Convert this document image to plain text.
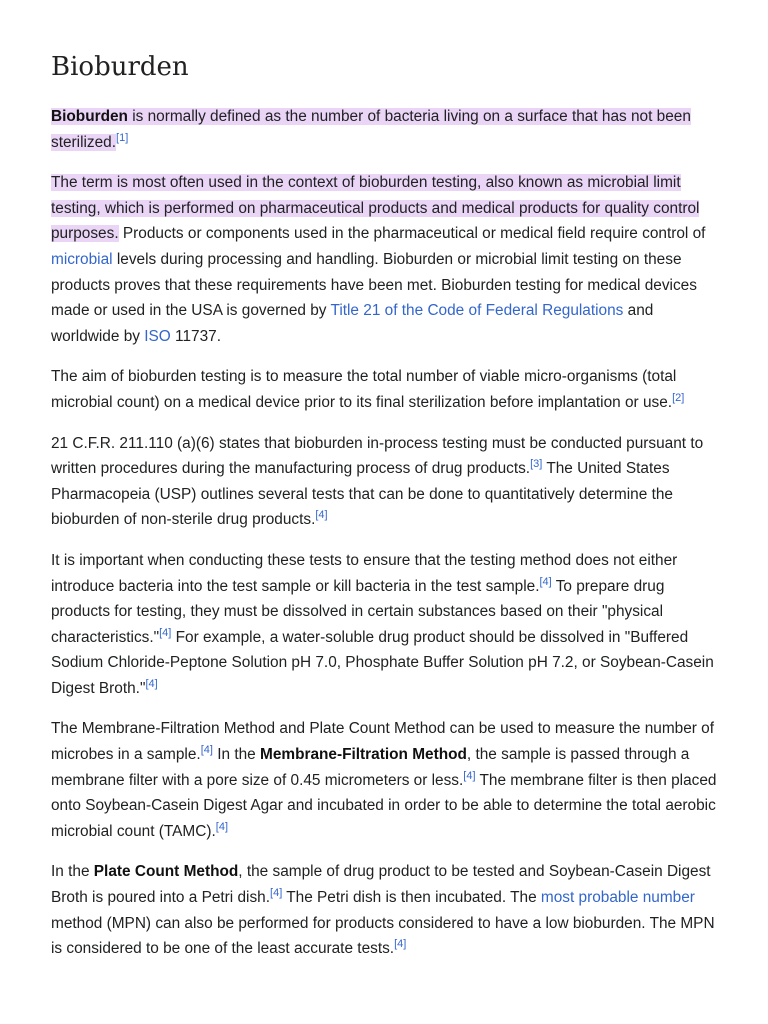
Bioburden

Bioburden is normally defined as the number of bacteria living on a surface that has not been sterilized.[1]

The term is most often used in the context of bioburden testing, also known as microbial limit testing, which is performed on pharmaceutical products and medical products for quality control purposes. Products or components used in the pharmaceutical or medical field require control of microbial levels during processing and handling. Bioburden or microbial limit testing on these products proves that these requirements have been met. Bioburden testing for medical devices made or used in the USA is governed by Title 21 of the Code of Federal Regulations and worldwide by ISO 11737.

The aim of bioburden testing is to measure the total number of viable micro-organisms (total microbial count) on a medical device prior to its final sterilization before implantation or use.[2]

21 C.F.R. 211.110 (a)(6) states that bioburden in-process testing must be conducted pursuant to written procedures during the manufacturing process of drug products.[3] The United States Pharmacopeia (USP) outlines several tests that can be done to quantitatively determine the bioburden of non-sterile drug products.[4]

It is important when conducting these tests to ensure that the testing method does not either introduce bacteria into the test sample or kill bacteria in the test sample.[4] To prepare drug products for testing, they must be dissolved in certain substances based on their "physical characteristics."[4] For example, a water-soluble drug product should be dissolved in "Buffered Sodium Chloride-Peptone Solution pH 7.0, Phosphate Buffer Solution pH 7.2, or Soybean-Casein Digest Broth."[4]

The Membrane-Filtration Method and Plate Count Method can be used to measure the number of microbes in a sample.[4] In the Membrane-Filtration Method, the sample is passed through a membrane filter with a pore size of 0.45 micrometers or less.[4] The membrane filter is then placed onto Soybean-Casein Digest Agar and incubated in order to be able to determine the total aerobic microbial count (TAMC).[4]

In the Plate Count Method, the sample of drug product to be tested and Soybean-Casein Digest Broth is poured into a Petri dish.[4] The Petri dish is then incubated. The most probable number method (MPN) can also be performed for products considered to have a low bioburden. The MPN is considered to be one of the least accurate tests.[4]
